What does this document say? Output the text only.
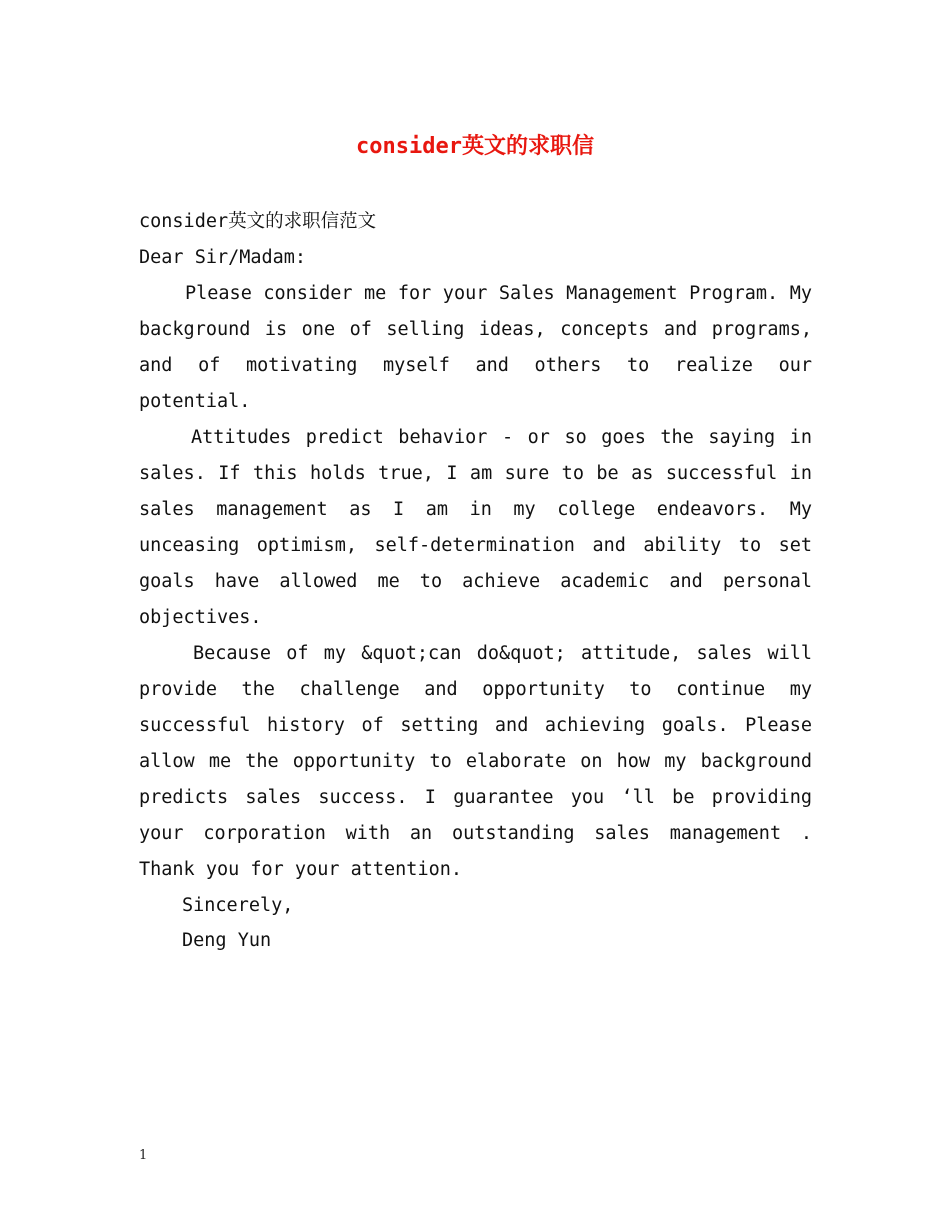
consider英文的求职信
consider英文的求职信范文
Dear Sir/Madam:

Please consider me for your Sales Management Program. My background is one of selling ideas, concepts and programs, and of motivating myself and others to realize our potential.

Attitudes predict behavior - or so goes the saying in sales. If this holds true, I am sure to be as successful in sales management as I am in my college endeavors. My unceasing optimism, self-determination and ability to set goals have allowed me to achieve academic and personal objectives.

Because of my &quot;can do&quot; attitude, sales will provide the challenge and opportunity to continue my successful history of setting and achieving goals. Please allow me the opportunity to elaborate on how my background predicts sales success. I guarantee you ‘ll be providing your corporation with an outstanding sales management . Thank you for your attention.

Sincerely,
Deng Yun
1
